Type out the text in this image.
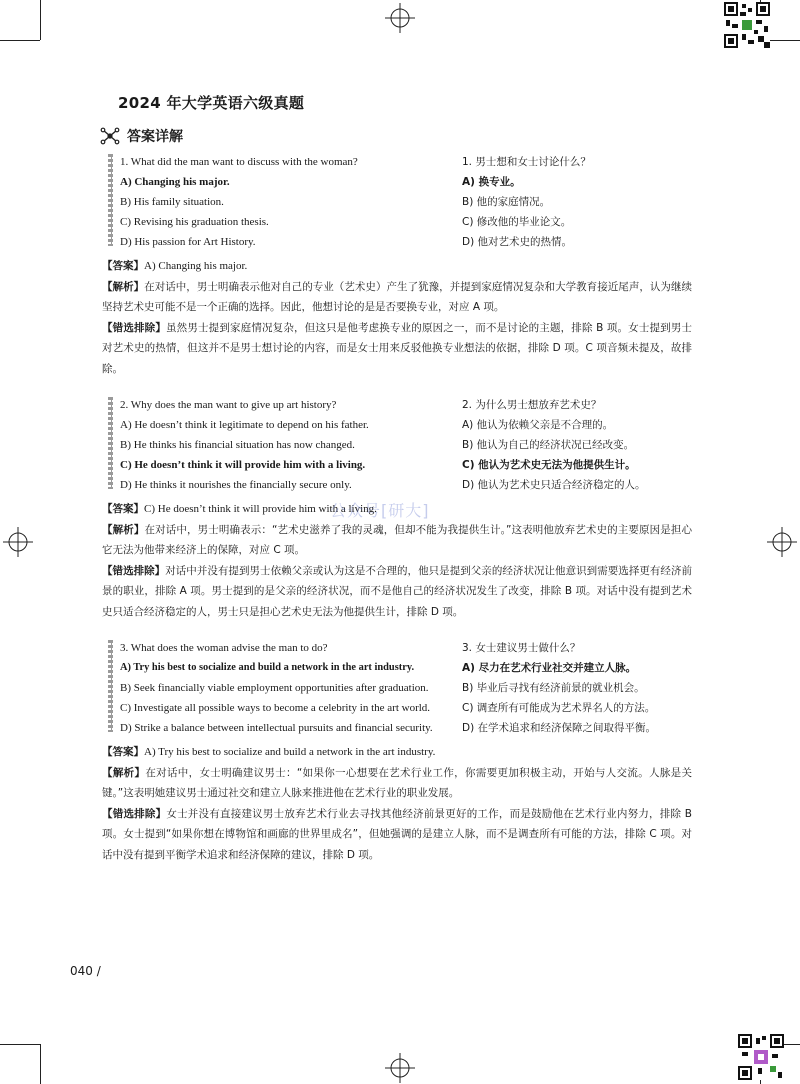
2024 年大学英语六级真题
答案详解
1. What did the man want to discuss with the woman?	1. 男士想和女士讨论什么？
A) Changing his major.	A) 换专业。
B) His family situation.	B) 他的家庭情况。
C) Revising his graduation thesis.	C) 修改他的毕业论文。
D) His passion for Art History.	D) 他对艺术史的热情。
【答案】A) Changing his major.
【解析】在对话中，男士明确表示他对自己的专业（艺术史）产生了犹豫，并提到家庭情况复杂和大学教育接近尾声，认为继续坚持艺术史可能不是一个正确的选择。因此，他想讨论的是是否要换专业，对应 A 项。
【错选排除】虽然男士提到家庭情况复杂，但这只是他考虑换专业的原因之一，而不是讨论的主题，排除 B 项。女士提到男士对艺术史的热情，但这并不是男士想讨论的内容，而是女士用来反驳他换专业想法的依据，排除 D 项。C 项音频未提及，故排除。
2. Why does the man want to give up art history?	2. 为什么男士想放弃艺术史？
A) He doesn’t think it legitimate to depend on his father.	A) 他认为依赖父亲是不合理的。
B) He thinks his financial situation has now changed.	B) 他认为自己的经济状况已经改变。
C) He doesn’t think it will provide him with a living.	C) 他认为艺术史无法为他提供生计。
D) He thinks it nourishes the financially secure only.	D) 他认为艺术史只适合经济稳定的人。
【答案】C) He doesn’t think it will provide him with a living.
【解析】在对话中，男士明确表示：“艺术史滋养了我的灵魂，但却不能为我提供生计。”这表明他放弃艺术史的主要原因是担心它无法为他带来经济上的保障，对应 C 项。
【错选排除】对话中并没有提到男士依赖父亲或认为这是不合理的，他只是提到父亲的经济状况让他意识到需要选择更有经济前景的职业，排除 A 项。男士提到的是父亲的经济状况，而不是他自己的经济状况发生了改变，排除 B 项。对话中没有提到艺术史只适合经济稳定的人，男士只是担心艺术史无法为他提供生计，排除 D 项。
3. What does the woman advise the man to do?	3. 女士建议男士做什么？
A) Try his best to socialize and build a network in the art industry.	A) 尽力在艺术行业社交并建立人脉。
B) Seek financially viable employment opportunities after graduation.	B) 毕业后寻找有经济前景的就业机会。
C) Investigate all possible ways to become a celebrity in the art world.	C) 调查所有可能成为艺术界名人的方法。
D) Strike a balance between intellectual pursuits and financial security.	D) 在学术追求和经济保障之间取得平衡。
【答案】A) Try his best to socialize and build a network in the art industry.
【解析】在对话中，女士明确建议男士：“如果你一心想要在艺术行业工作，你需要更加积极主动，开始与人交流。人脉是关键。”这表明她建议男士通过社交和建立人脉来推进他在艺术行业的职业发展。
【错选排除】女士并没有直接建议男士放弃艺术行业去寻找其他经济前景更好的工作，而是鼓励他在艺术行业内努力，排除 B 项。女士提到“如果你想在博物馆和画廊的世界里成名”，但她强调的是建立人脉，而不是调查所有可能的方法，排除 C 项。对话中没有提到平衡学术追求和经济保障的建议，排除 D 项。
公众号[研大]
040 /
